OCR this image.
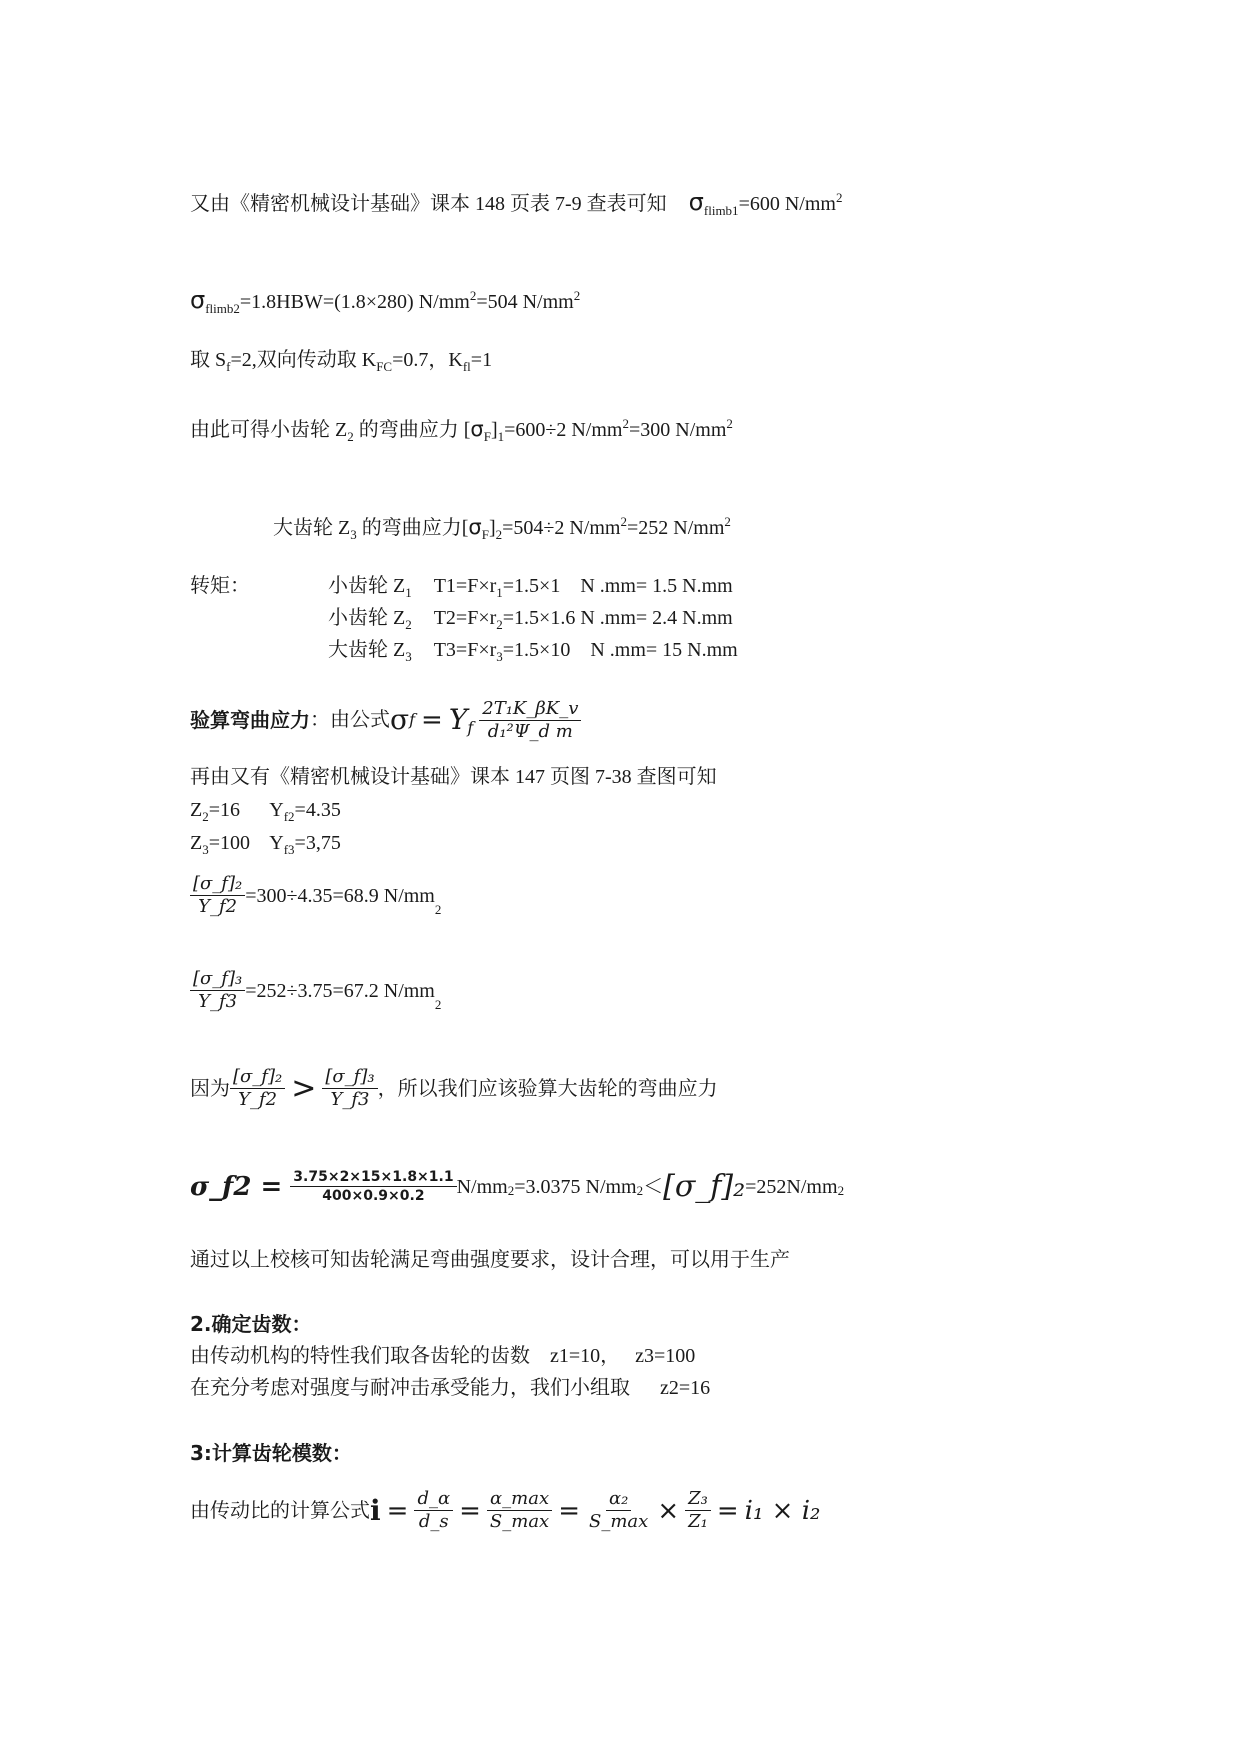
又由《精密机械设计基础》课本 148 页表 7-9 查表可知 $\sigma_{flimb1}=600$ $N/mm^2$
$\sigma_{flimb2}=1.8HBW=(1.8\times 280)$ $N/mm^2=504$ $N/mm^2$
取 $S_f=2$,双向传动取 $K_{FC}=0.7$，$K_{fl}=1$
由此可得小齿轮 $Z_2$ 的弯曲应力 $[\sigma_F]_1=600\div 2$ $N/mm^2=300$ $N/mm^2$
大齿轮 $Z_3$ 的弯曲应力$[\sigma_F]_2=504\div 2$ $N/mm^2=252$ $N/mm^2$
转矩：	小齿轮 $Z_1$ $T1=F\times r_1=1.5\times 1$    N .mm= 1.5 N.mm
小齿轮 $Z_2$ $T2=F\times r_2=1.5\times 1.6$ N .mm= 2.4 N.mm
大齿轮 $Z_3$ $T3=F\times r_3=1.5\times 10$    N .mm= 15 N.mm
验算弯曲应力 ：由公式 σ f = Y f $\frac{\text{2T₁K\_βK\_v}}{\text{d₁²Ψ\_d m}}$
再由又有《精密机械设计基础》课本 147 页图 7-38 查图可知
$Z_2=16$      $Y_{f2}=4.35$
$Z_3=100$    $Y_{f3}=3,75$
$\frac{\text{[σ\_f]₂}}{Y\_f2} =300\div 4.35=68.9$ N/mm
2
$\frac{\text{[σ\_f]₃}}{Y\_f3} =252\div 3.75=67.2$ N/mm
2
因为 $\frac{\text{[σ\_f]₂}}{Y\_f2} > \frac{\text{[σ\_f]₃}}{Y\_f3}$ ，所以我们应该验算大齿轮的弯曲应力
σ_f2 = $\frac{3.75\times 2\times 15\times 1.8\times 1.1}{400\times 0.9\times 0.2} N/mm$ 2 =3.0375 N/mm 2 ＜ [σ_f]₂ =252N/mm 2
通过以上校核可知齿轮满足弯曲强度要求，设计合理，可以用于生产
2.确定齿数：
由传动机构的特性我们取各齿轮的齿数    z1=10，   z3=100
在充分考虑对强度与耐冲击承受能力，我们小组取      z2=16
3:计算齿轮模数：
由传动比的计算公式 $i = \frac{d\_\alpha}{d\_s} = \frac{\alpha\_\max}{S\_\max} = \frac{\text{α₂}}{S\_\max} \times \frac{\text{Z₃}}{\text{Z₁}} = i_1 \times i_2$
